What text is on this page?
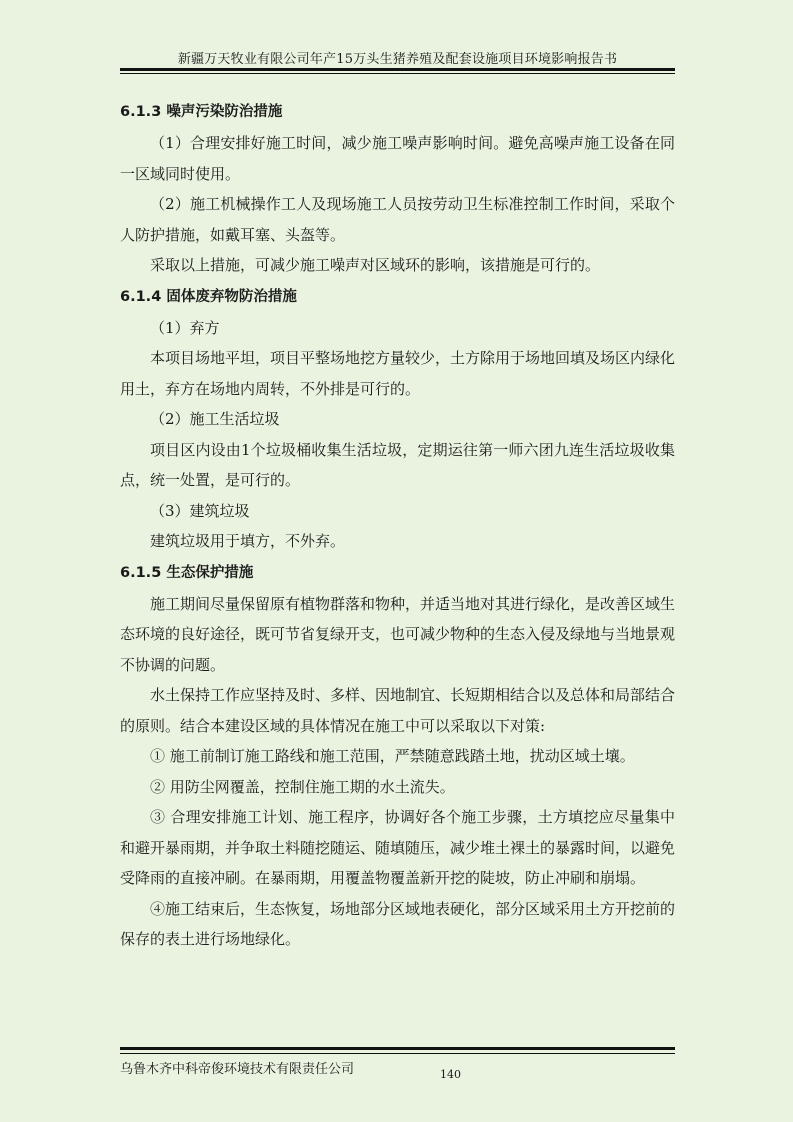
新疆万天牧业有限公司年产15万头生猪养殖及配套设施项目环境影响报告书
6.1.3 噪声污染防治措施
（1）合理安排好施工时间，减少施工噪声影响时间。避免高噪声施工设备在同一区域同时使用。
（2）施工机械操作工人及现场施工人员按劳动卫生标准控制工作时间，采取个人防护措施，如戴耳塞、头盔等。
采取以上措施，可减少施工噪声对区域环的影响，该措施是可行的。
6.1.4 固体废弃物防治措施
（1）弃方
本项目场地平坦，项目平整场地挖方量较少，土方除用于场地回填及场区内绿化用土，弃方在场地内周转，不外排是可行的。
（2）施工生活垃圾
项目区内设由1个垃圾桶收集生活垃圾，定期运往第一师六团九连生活垃圾收集点，统一处置，是可行的。
（3）建筑垃圾
建筑垃圾用于填方，不外弃。
6.1.5 生态保护措施
施工期间尽量保留原有植物群落和物种，并适当地对其进行绿化，是改善区域生态环境的良好途径，既可节省复绿开支，也可减少物种的生态入侵及绿地与当地景观不协调的问题。
水土保持工作应坚持及时、多样、因地制宜、长短期相结合以及总体和局部结合的原则。结合本建设区域的具体情况在施工中可以采取以下对策:
① 施工前制订施工路线和施工范围，严禁随意践踏土地，扰动区域土壤。
② 用防尘网覆盖，控制住施工期的水土流失。
③ 合理安排施工计划、施工程序，协调好各个施工步骤，土方填挖应尽量集中和避开暴雨期，并争取土料随挖随运、随填随压，减少堆土裸土的暴露时间，以避免受降雨的直接冲刷。在暴雨期，用覆盖物覆盖新开挖的陡坡，防止冲刷和崩塌。
④施工结束后，生态恢复，场地部分区域地表硬化，部分区域采用土方开挖前的保存的表土进行场地绿化。
乌鲁木齐中科帝俊环境技术有限责任公司	140
